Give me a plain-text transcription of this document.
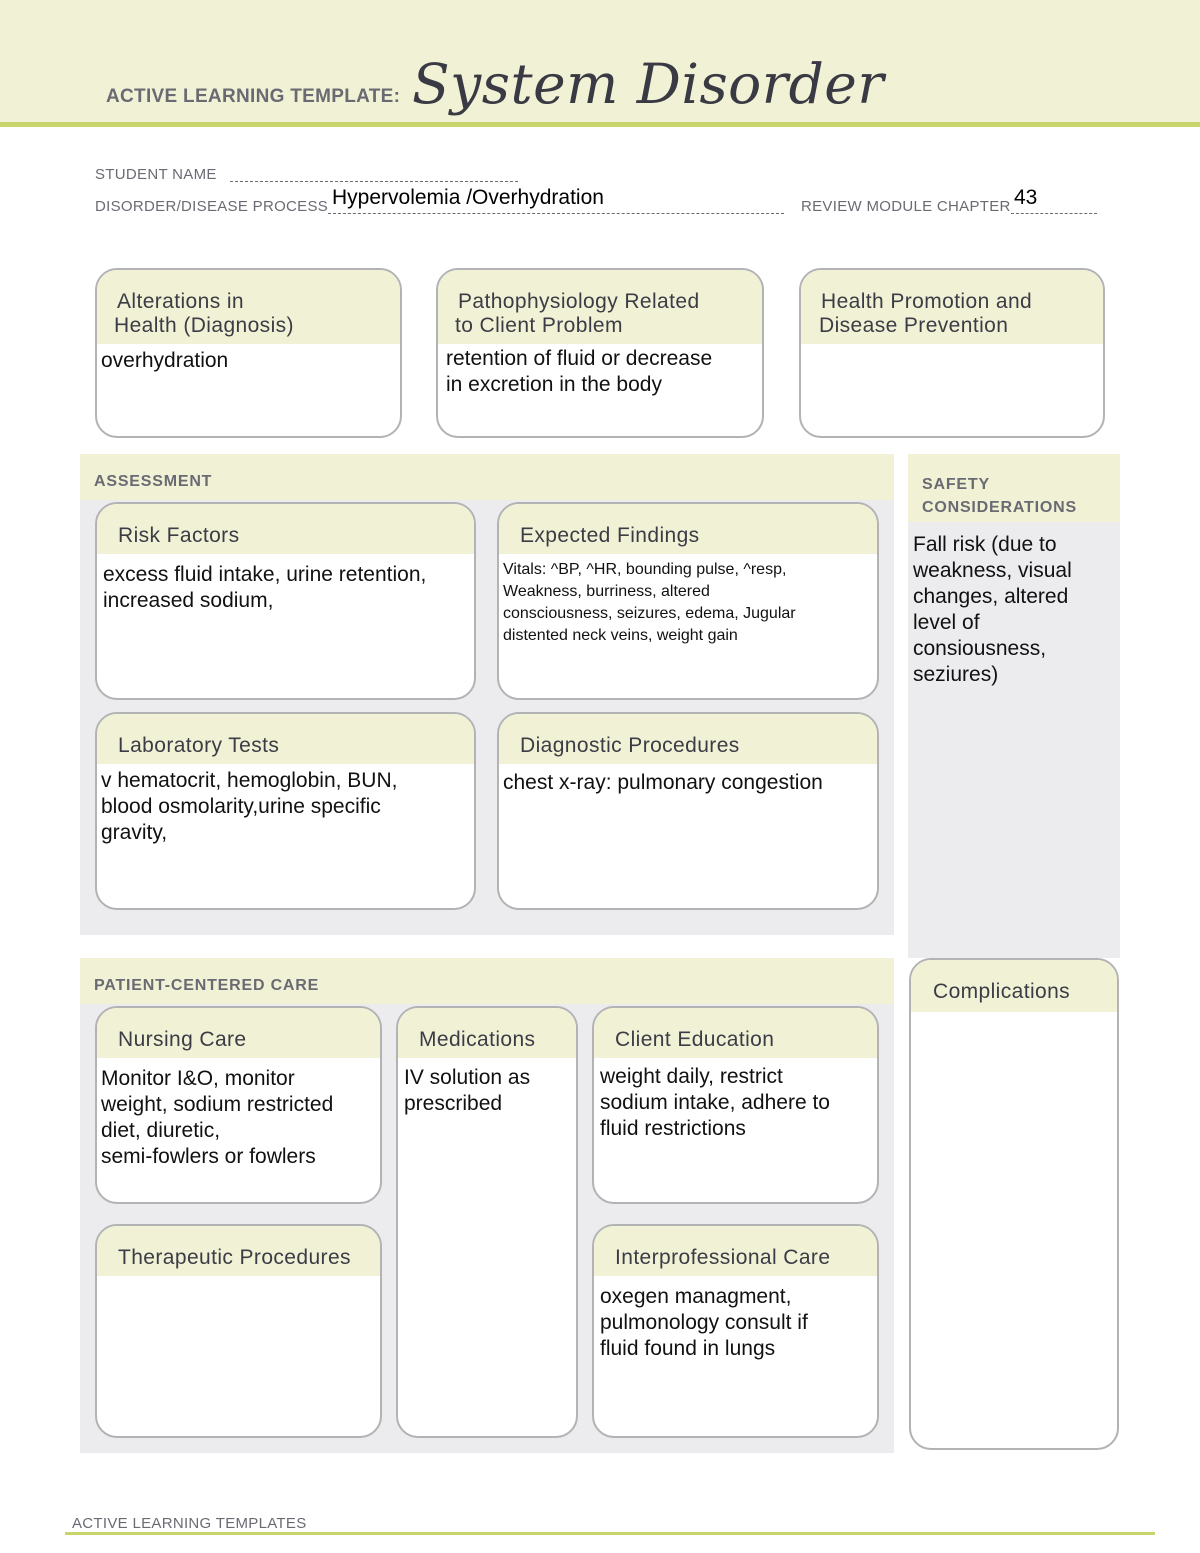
ACTIVE LEARNING TEMPLATE: System Disorder
STUDENT NAME
DISORDER/DISEASE PROCESS Hypervolemia /Overhydration	REVIEW MODULE CHAPTER 43
Alterations in
Health (Diagnosis)
overhydration
Pathophysiology Related
to Client Problem
retention of fluid or decrease
in excretion in the body
Health Promotion and
Disease Prevention
ASSESSMENT
Risk Factors
excess fluid intake, urine retention,
increased sodium,
Expected Findings
Vitals: ^BP, ^HR, bounding pulse, ^resp,
Weakness, burriness, altered
consciousness, seizures, edema, Jugular
distented neck veins, weight gain
Laboratory Tests
v hematocrit, hemoglobin, BUN,
blood osmolarity,urine specific
gravity,
Diagnostic Procedures
chest x-ray: pulmonary congestion
SAFETY
CONSIDERATIONS
Fall risk (due to
weakness, visual
changes, altered
level of
consiousness,
seziures)
Complications
PATIENT-CENTERED CARE
Nursing Care
Monitor I&O, monitor
weight, sodium restricted
diet, diuretic,
semi-fowlers or fowlers
Medications
IV solution as
prescribed
Client Education
weight daily, restrict
sodium intake, adhere to
fluid restrictions
Therapeutic Procedures	Interprofessional Care
oxegen managment,
pulmonology consult if
fluid found in lungs
ACTIVE LEARNING TEMPLATES
